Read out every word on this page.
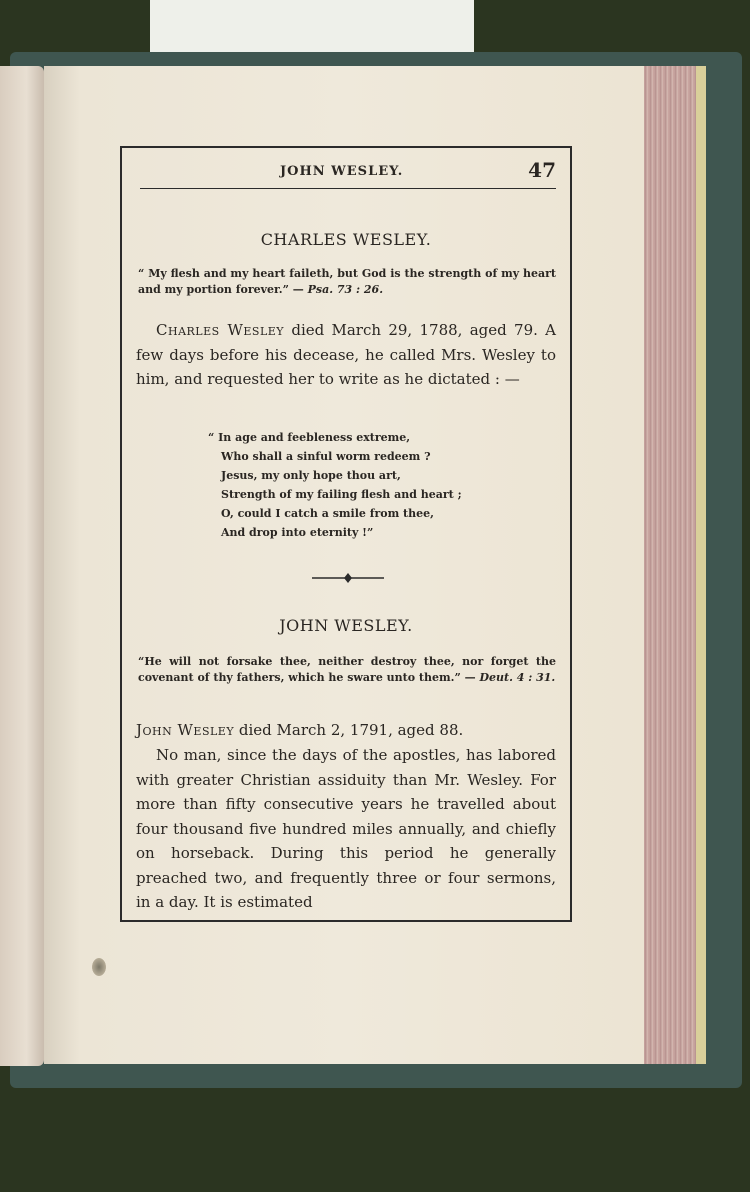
JOHN WESLEY.	47
CHARLES WESLEY.
“ My flesh and my heart faileth, but God is the strength of my heart and my portion forever.” — Psa. 73 : 26.
Charles Wesley died March 29, 1788, aged 79. A few days before his decease, he called Mrs. Wesley to him, and requested her to write as he dictated : —
“ In age and feebleness extreme,
Who shall a sinful worm redeem ?
Jesus, my only hope thou art,
Strength of my failing flesh and heart ;
O, could I catch a smile from thee,
And drop into eternity !”
JOHN WESLEY.
“He will not forsake thee, neither destroy thee, nor forget the covenant of thy fathers, which he sware unto them.” — Deut. 4 : 31.
John Wesley died March 2, 1791, aged 88.
No man, since the days of the apostles, has labored with greater Christian assiduity than Mr. Wesley. For more than fifty consecutive years he travelled about four thousand five hundred miles annually, and chiefly on horseback. During this period he generally preached two, and frequently three or four sermons, in a day. It is estimated
